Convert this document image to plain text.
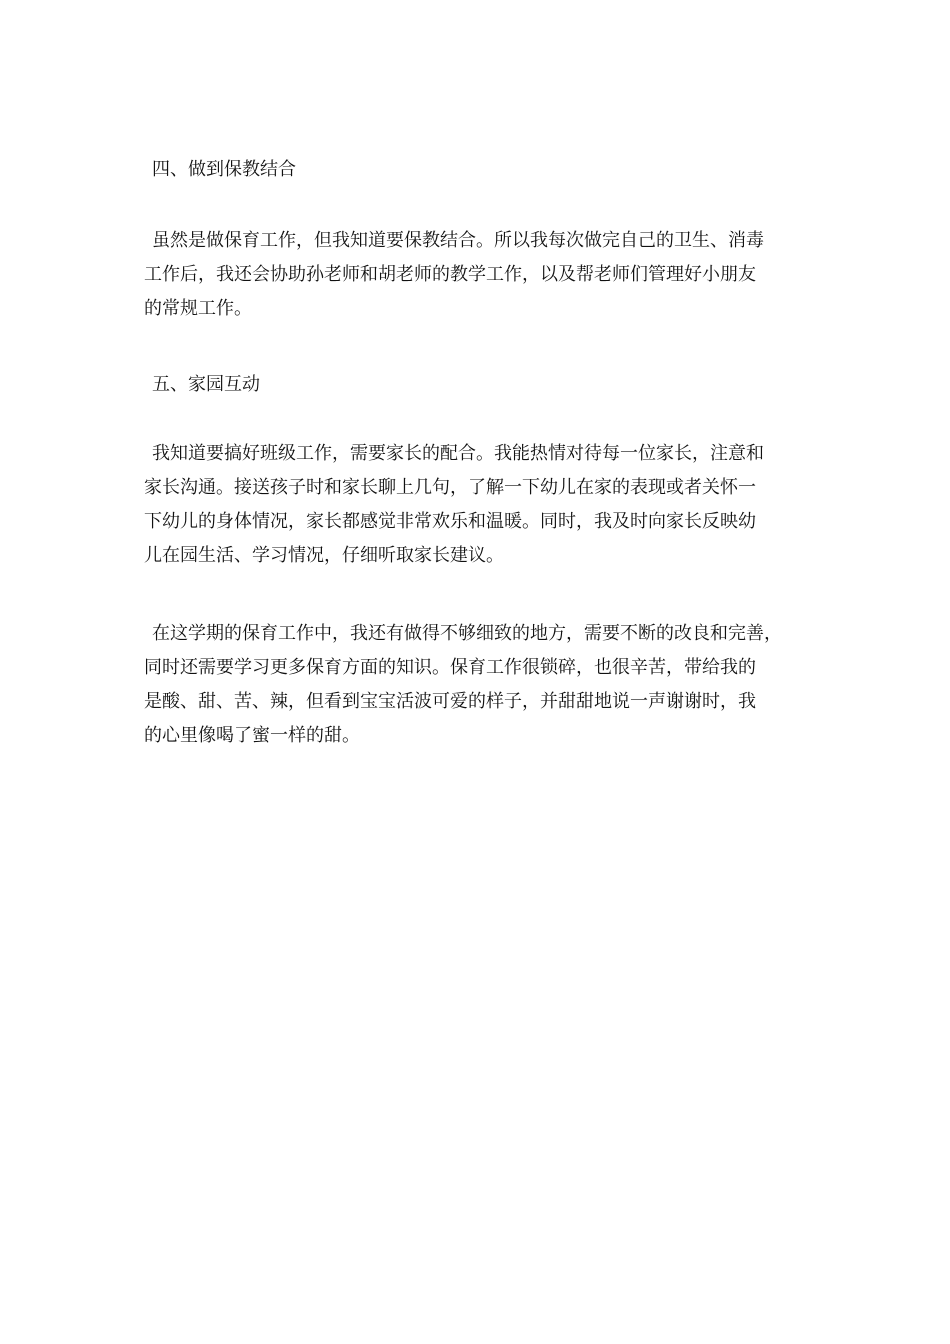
四、做到保教结合
虽然是做保育工作，但我知道要保教结合。所以我每次做完自己的卫生、消毒
工作后，我还会协助孙老师和胡老师的教学工作，以及帮老师们管理好小朋友
的常规工作。
五、家园互动
我知道要搞好班级工作，需要家长的配合。我能热情对待每一位家长，注意和
家长沟通。接送孩子时和家长聊上几句，了解一下幼儿在家的表现或者关怀一
下幼儿的身体情况，家长都感觉非常欢乐和温暖。同时，我及时向家长反映幼
儿在园生活、学习情况，仔细听取家长建议。
在这学期的保育工作中，我还有做得不够细致的地方，需要不断的改良和完善，
同时还需要学习更多保育方面的知识。保育工作很锁碎，也很辛苦，带给我的
是酸、甜、苦、辣，但看到宝宝活波可爱的样子，并甜甜地说一声谢谢时，我
的心里像喝了蜜一样的甜。
